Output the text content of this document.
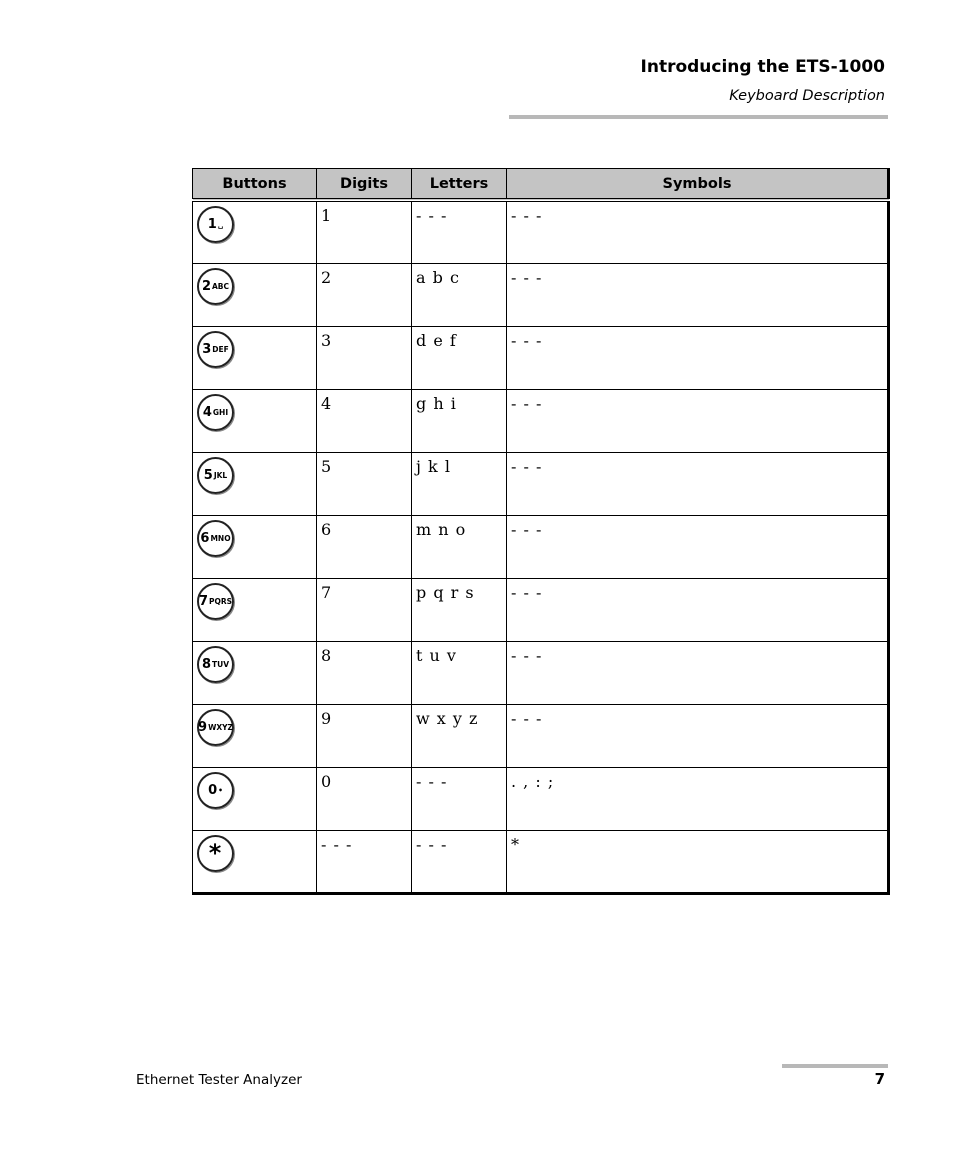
Introducing the ETS-1000
Keyboard Description
Buttons	Digits	Letters	Symbols

1 ␣	1	- - -	- - -

2 ABC	2	a b c	- - -

3 DEF	3	d e f	- - -

4 GHI	4	g h i	- - -

5 JKL	5	j k l	- - -

6 MNO	6	m n o	- - -

7 PQRS	7	p q r s	- - -

8 TUV	8	t u v	- - -

9 WXYZ	9	w x y z	- - -

0 •	0	- - -	. , : ;

*	- - -	- - -	*
Ethernet Tester Analyzer	7
